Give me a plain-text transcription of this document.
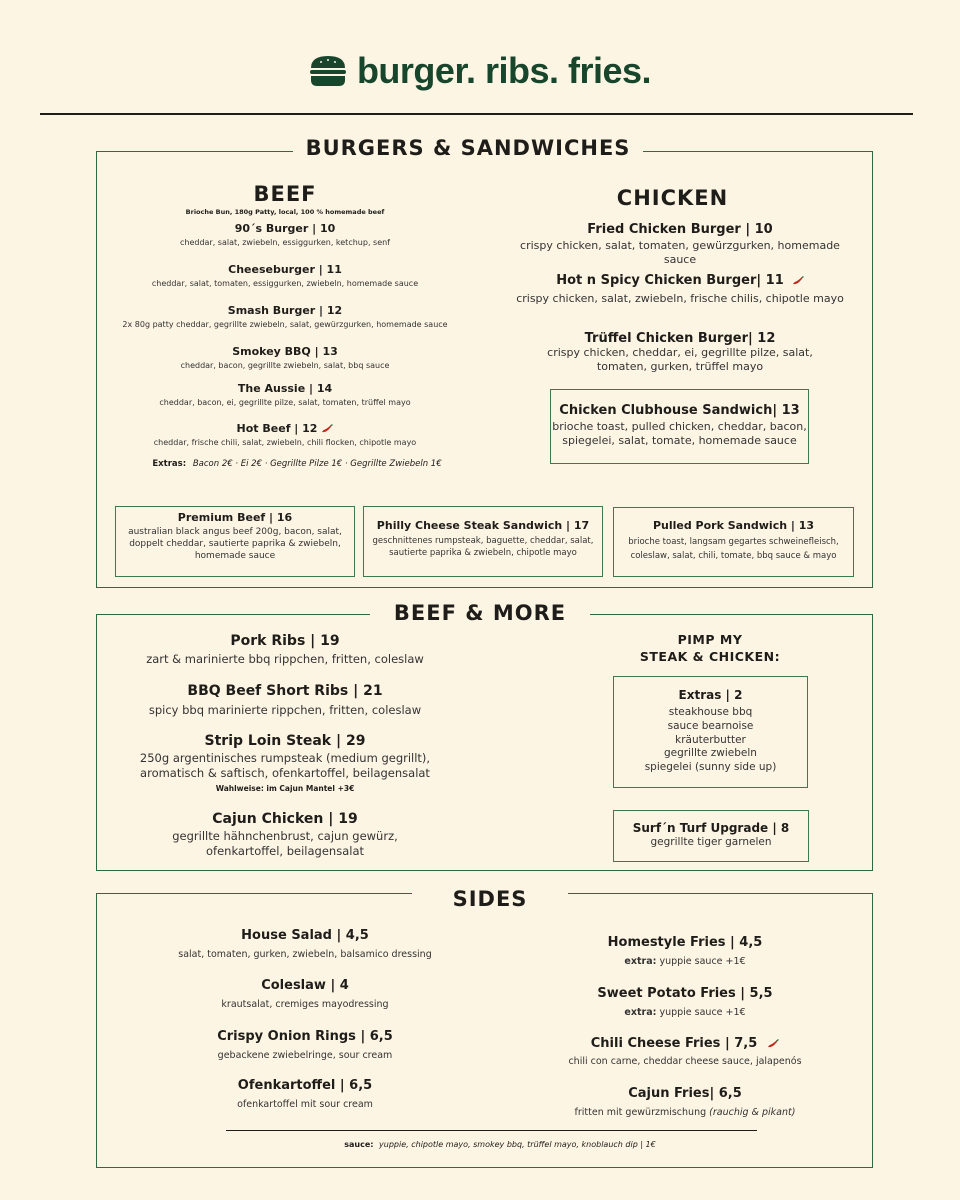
burger. ribs. fries.
BURGERS & SANDWICHES
BEEF
Brioche Bun, 180g Patty, local, 100 % homemade beef
90´s Burger | 10
cheddar, salat, zwiebeln, essiggurken, ketchup, senf
Cheeseburger | 11
cheddar, salat, tomaten, essiggurken, zwiebeln, homemade sauce
Smash Burger | 12
2x 80g patty cheddar, gegrillte zwiebeln, salat, gewürzgurken, homemade sauce
Smokey BBQ | 13
cheddar, bacon, gegrillte zwiebeln, salat, bbq sauce
The Aussie | 14
cheddar, bacon, ei, gegrillte pilze, salat, tomaten, trüffel mayo
Hot Beef | 12
cheddar, frische chili, salat, zwiebeln, chili flocken, chipotle mayo
Extras: Bacon 2€ · Ei 2€ · Gegrillte Pilze 1€ · Gegrillte Zwiebeln 1€
CHICKEN
Fried Chicken Burger | 10
crispy chicken, salat, tomaten, gewürzgurken, homemade sauce
Hot n Spicy Chicken Burger| 11
crispy chicken, salat, zwiebeln, frische chilis, chipotle mayo
Trüffel Chicken Burger| 12
crispy chicken, cheddar, ei, gegrillte pilze, salat,
tomaten, gurken, trüffel mayo
Chicken Clubhouse Sandwich| 13
brioche toast, pulled chicken, cheddar, bacon,
spiegelei, salat, tomate, homemade sauce
Premium Beef | 16
australian black angus beef 200g, bacon, salat,
doppelt cheddar, sautierte paprika & zwiebeln,
homemade sauce
Philly Cheese Steak Sandwich | 17
geschnittenes rumpsteak, baguette, cheddar, salat,
sautierte paprika & zwiebeln, chipotle mayo
Pulled Pork Sandwich | 13
brioche toast, langsam gegartes schweinefleisch,
coleslaw, salat, chili, tomate, bbq sauce & mayo
BEEF & MORE
Pork Ribs | 19
zart & marinierte bbq rippchen, fritten, coleslaw
BBQ Beef Short Ribs | 21
spicy bbq marinierte rippchen, fritten, coleslaw
Strip Loin Steak | 29
250g argentinisches rumpsteak (medium gegrillt),
aromatisch & saftisch, ofenkartoffel, beilagensalat
Wahlweise: im Cajun Mantel +3€
Cajun Chicken | 19
gegrillte hähnchenbrust, cajun gewürz,
ofenkartoffel, beilagensalat
PIMP MY
STEAK & CHICKEN:
Extras | 2
steakhouse bbq
sauce bearnoise
kräuterbutter
gegrillte zwiebeln
spiegelei (sunny side up)
Surf´n Turf Upgrade | 8
gegrillte tiger garnelen
SIDES
House Salad | 4,5
salat, tomaten, gurken, zwiebeln, balsamico dressing
Coleslaw | 4
krautsalat, cremiges mayodressing
Crispy Onion Rings | 6,5
gebackene zwiebelringe, sour cream
Ofenkartoffel | 6,5
ofenkartoffel mit sour cream
Homestyle Fries | 4,5
extra: yuppie sauce +1€
Sweet Potato Fries | 5,5
extra: yuppie sauce +1€
Chili Cheese Fries | 7,5
chili con carne, cheddar cheese sauce, jalapenós
Cajun Fries| 6,5
fritten mit gewürzmischung (rauchig & pikant)
sauce: yuppie, chipotle mayo, smokey bbq, trüffel mayo, knoblauch dip | 1€
